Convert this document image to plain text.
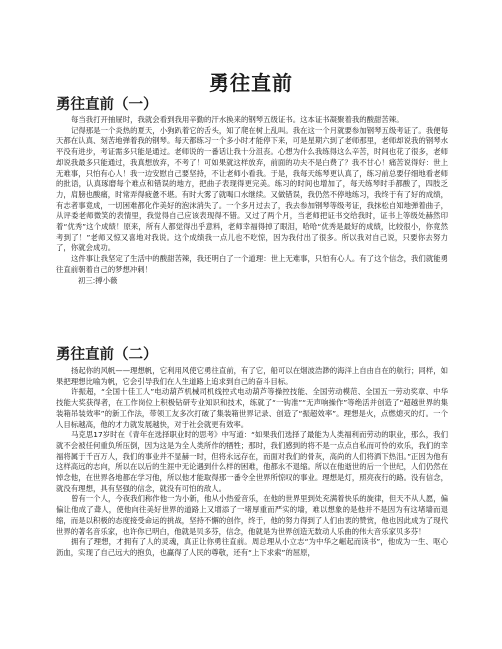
勇往直前
勇往直前（一）

每当我打开抽屉时，我就会看到我用辛勤的汗水换来的钢琴五级证书。这本证书凝聚着我的酸甜苦辣。

记得那是一个炎热的夏天，小狗趴着它的舌头，知了爬在树上乱叫。我在这一个月就要参加钢琴五级考证了。我便每天都在认真、刻苦地弹着我的钢琴。每天都练习一个多小时才能停下来，可是星期六到了老师那里，老师却说我的钢琴水平没有进步，考证需多只能是通过。老师说的一番话让我十分沮丧。心想为什么我练得这么辛苦，时间也花了很多，老师却说我最多只能通过，我真想放弃，不考了！可如果就这样放弃，前面的功夫不是白费了？我不甘心！痛苦说得好：世上无难事，只怕有心人！我一边安慰自己要坚持，不让老师小看我。于是，我每天练琴更认真了，练习前总要仔细地看老师的批语，认真琢磨每个难点和错误的地方，把曲子表现得更完美。练习的时间也增加了，每天练琴时手都酸了，四肢乏力，肩膀也酸痛，时常弄得疲惫不堪。有时大雾了就喝口水继续。又做错误，我仍然不停地练习，我终于有了好的成绩，有志者事竟成，一切困难都化作美好的泡沫消失了。一个多月过去了，我去参加钢琴等级考证，我抹松自知地弹着曲子，从评委老师微笑的表情里，我觉得自己应该表现得不错。又过了两个月，当老师把证书交给我时，证书上等级处赫然印着“优秀”这个成绩！原来，所有人都觉得出乎意料，老师幸福得掉了眼泪，哈哈“优秀是最好的成绩，比较很小，你竟然考到了！”老师又惊又喜地对我说。这个成绩我一点儿也不吃惊，因为我付出了很多。所以我对自己说，只要你去努力了，你就会成功。

这件事让我坚定了生活中的酸甜苦辣，我还明白了一个道理：世上无难事，只怕有心人。有了这个信念，我们就能勇往直前朝着自己的梦想冲刺！

初三:搏小薇

勇往直前（二）

扬起你的风帆——理想帆，它利用风使它勇往直前，有了它，船可以在烟波浩渺的海洋上自由自在的航行；同样，如果把理想比喻为帆，它会引导我们在人生道路上追求到自己的奋斗目标。

许振超，“全国十佳工人”电动葫芦机械司机线控式电动葫芦等操控技能、全国劳动模范、全国五一劳动奖章、中华技能大奖获得者，在工作岗位上积极钻研专业知识和技术，练就了“一钩准”“无声响操作”等绝活并创造了“超越世界的集装箱吊装效率”的新工作法，带领工友多次打破了集装箱世界记录、创造了“振超效率”。理想是火，点燃熄灭的灯。一个人目标越高，他的才力就发展越快，对于社会就更有效率。

马克思17岁时在《青年在选择职业时的思考》中写道：“如果我们选择了最能为人类福利而劳动的职业，那么，我们就不会被任何重负所压倒，因为这是为全人类所作的牺牲；那时，我们感到的将不是一点点自私而可怜的欢乐，我们的幸福将属于千百万人，我们的事业并不显赫一时，但将永远存在，而面对我们的骨灰，高尚的人们将洒下热泪。”正因为他有这样高远的志向，所以在以后的生涯中无论遇到什么样的困难，他都永不退缩。所以在他逝世的后一个世纪，人们仍然在悼念他，在世界各地都在学习他，所以他才能取得那一番令全世界所惊叹的事业。理想是灯，照亮夜行的路。没有信念，就没有理想，具有坚强的信念，就没有可怕的敌人。

曾有一个人，今夜我们称作他一为小新，他从小热爱音乐，在他的世界里到处充满着快乐的旋律，但天不从人愿，偏偏让他成了聋人，使他向往美好世界的道路上又增添了一堵厚重而严实的墙，难以想象的是他并不是因为有这堵墙而退缩，而是以积极的态度接受命运的挑战，坚持不懈的创作，终于，他的努力得到了人们由衷的赞赏，他也因此成为了现代世界的著名音乐家，也许你已明白，他就是贝多芬，信念，他就是为世界创造无数动人乐曲的伟大音乐家贝多芬！

拥有了理想，才拥有了人的灵魂，真正让你勇往直前。周总理从小立志“为中华之崛起而读书”，他成为一生、呕心沥血，实现了自己远大的抱负，也赢得了人民的尊敬，还有“上下求索”的屈原，
